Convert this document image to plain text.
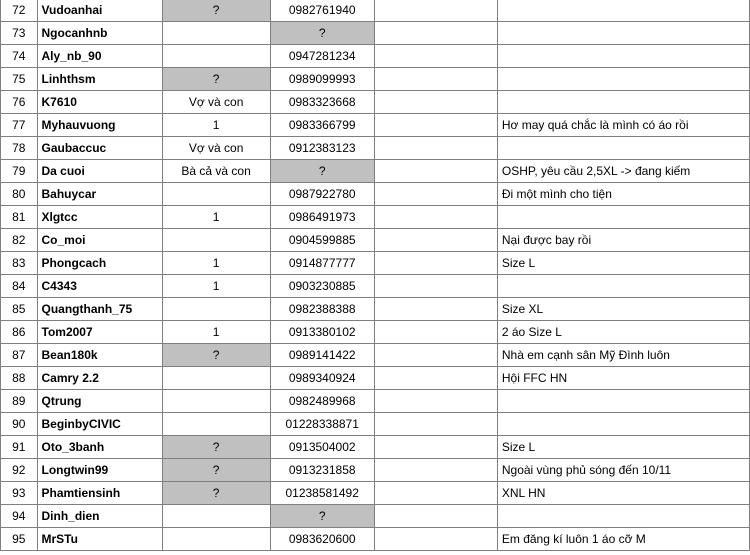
72	Vudoanhai	?	0982761940		
73	Ngocanhnb		?		
74	Aly_nb_90		0947281234		
75	Linhthsm	?	0989099993		
76	K7610	Vợ và con	0983323668		
77	Myhauvuong	1	0983366799		Hơ may quá chắc là mình có áo rồi
78	Gaubaccuc	Vợ và con	0912383123		
79	Da cuoi	Bà cả và con	?		OSHP, yêu cầu 2,5XL -> đang kiếm
80	Bahuycar		0987922780		Đi một mình cho tiện
81	Xlgtcc	1	0986491973		
82	Co_moi		0904599885		Nại được bay rồi
83	Phongcach	1	0914877777		Size L
84	C4343	1	0903230885		
85	Quangthanh_75		0982388388		Size XL
86	Tom2007	1	0913380102		2 áo Size L
87	Bean180k	?	0989141422		Nhà em cạnh sân Mỹ Đình luôn
88	Camry 2.2		0989340924		Hội FFC HN
89	Qtrung		0982489968		
90	BeginbyCIVIC		01228338871		
91	Oto_3banh	?	0913504002		Size L
92	Longtwin99	?	0913231858		Ngoài vùng phủ sóng đến 10/11
93	Phamtiensinh	?	01238581492		XNL HN
94	Dinh_dien		?		
95	MrSTu		0983620600		Em đăng kí luôn 1 áo cỡ M
